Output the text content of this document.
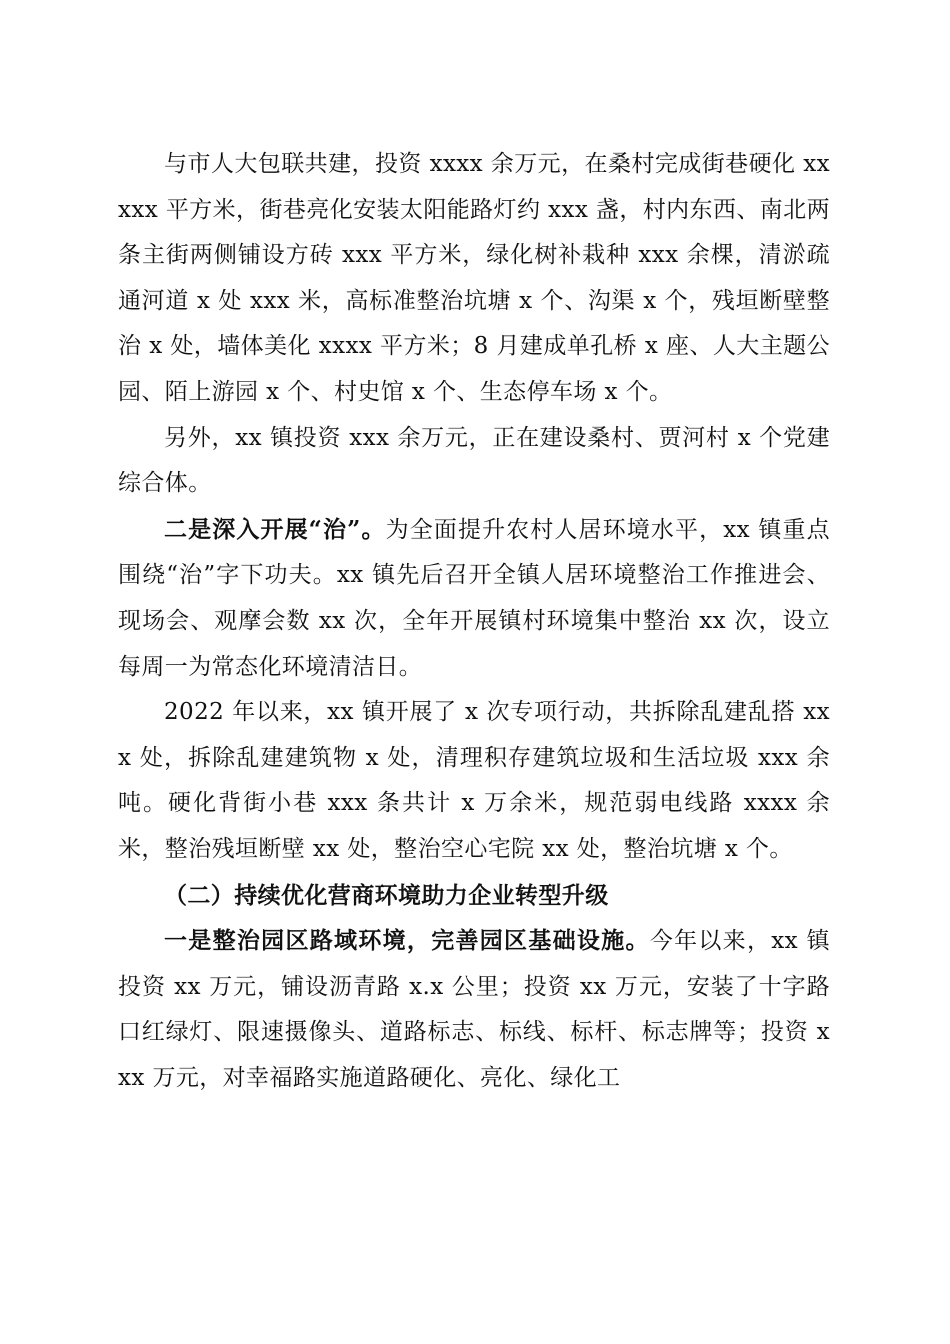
与市人大包联共建，投资 xxxx 余万元，在桑村完成街巷硬化 xxxxx 平方米，街巷亮化安装太阳能路灯约 xxx 盏，村内东西、南北两条主街两侧铺设方砖 xxx 平方米，绿化树补栽种 xxx 余棵，清淤疏通河道 x 处 xxx 米，高标准整治坑塘 x 个、沟渠 x 个，残垣断壁整治 x 处，墙体美化 xxxx 平方米；8 月建成单孔桥 x 座、人大主题公园、陌上游园 x 个、村史馆 x 个、生态停车场 x 个。

另外，xx 镇投资 xxx 余万元，正在建设桑村、贾河村 x 个党建综合体。

二是深入开展“治”。为全面提升农村人居环境水平，xx 镇重点围绕“治”字下功夫。xx 镇先后召开全镇人居环境整治工作推进会、现场会、观摩会数 xx 次，全年开展镇村环境集中整治 xx 次，设立每周一为常态化环境清洁日。

2022 年以来，xx 镇开展了 x 次专项行动，共拆除乱建乱搭 xxx 处，拆除乱建建筑物 x 处，清理积存建筑垃圾和生活垃圾 xxx 余吨。硬化背街小巷 xxx 条共计 x 万余米，规范弱电线路 xxxx 余米，整治残垣断壁 xx 处，整治空心宅院 xx 处，整治坑塘 x 个。

（二）持续优化营商环境助力企业转型升级

一是整治园区路域环境，完善园区基础设施。今年以来，xx 镇投资 xx 万元，铺设沥青路 x.x 公里；投资 xx 万元，安装了十字路口红绿灯、限速摄像头、道路标志、标线、标杆、标志牌等；投资 xxx 万元，对幸福路实施道路硬化、亮化、绿化工
